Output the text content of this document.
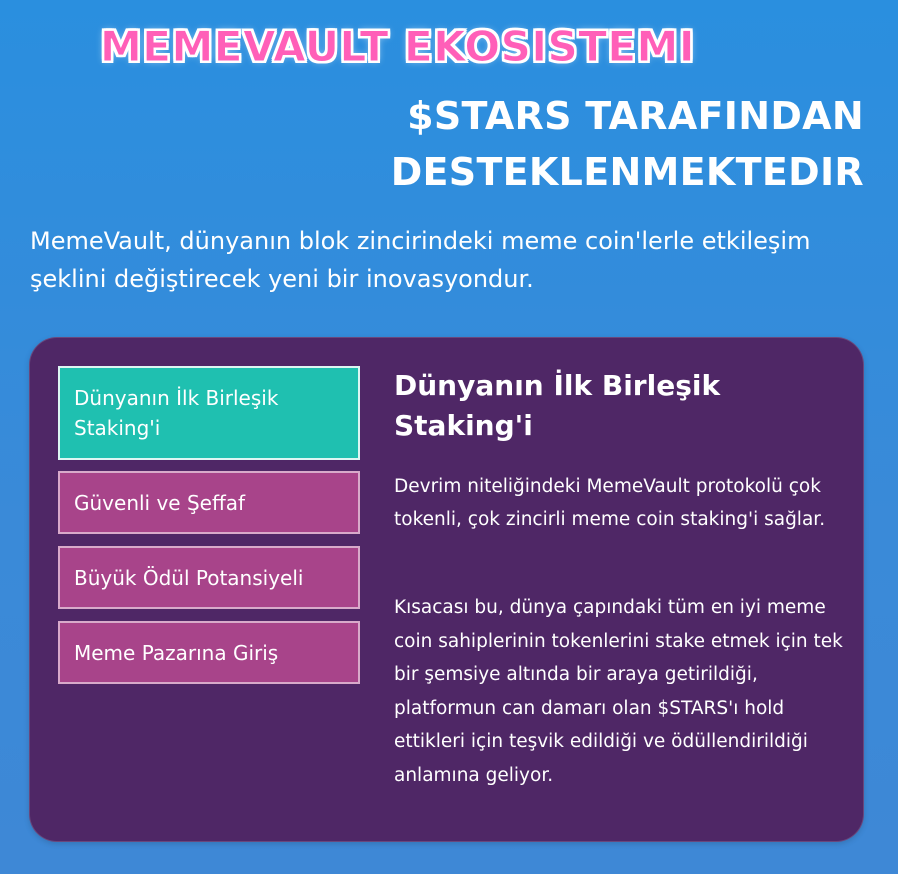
MEMEVAULT EKOSISTEMI
$STARS TARAFINDAN
DESTEKLENMEKTEDIR
MemeVault, dünyanın blok zincirindeki meme coin'lerle etkileşim şeklini değiştirecek yeni bir inovasyondur.
Dünyanın İlk Birleşik Staking'i
Güvenli ve Şeffaf
Büyük Ödül Potansiyeli
Meme Pazarına Giriş
Dünyanın İlk Birleşik Staking'i

Devrim niteliğindeki MemeVault protokolü çok tokenli, çok zincirli meme coin staking'i sağlar.

Kısacası bu, dünya çapındaki tüm en iyi meme coin sahiplerinin tokenlerini stake etmek için tek bir şemsiye altında bir araya getirildiği, platformun can damarı olan $STARS'ı hold ettikleri için teşvik edildiği ve ödüllendirildiği anlamına geliyor.
